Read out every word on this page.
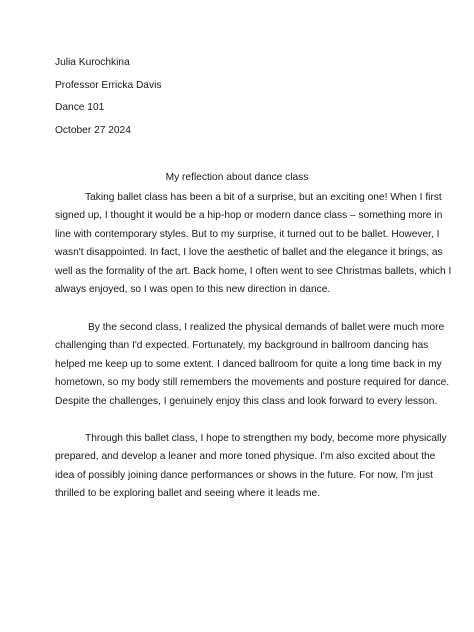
Julia Kurochkina
Professor Erricka Davis
Dance 101
October 27 2024
My reflection about dance class
Taking ballet class has been a bit of a surprise, but an exciting one! When I first
signed up, I thought it would be a hip-hop or modern dance class – something more in
line with contemporary styles. But to my surprise, it turned out to be ballet. However, I
wasn't disappointed. In fact, I love the aesthetic of ballet and the elegance it brings, as
well as the formality of the art. Back home, I often went to see Christmas ballets, which I
always enjoyed, so I was open to this new direction in dance.
By the second class, I realized the physical demands of ballet were much more
challenging than I'd expected. Fortunately, my background in ballroom dancing has
helped me keep up to some extent. I danced ballroom for quite a long time back in my
hometown, so my body still remembers the movements and posture required for dance.
Despite the challenges, I genuinely enjoy this class and look forward to every lesson.
Through this ballet class, I hope to strengthen my body, become more physically
prepared, and develop a leaner and more toned physique. I'm also excited about the
idea of possibly joining dance performances or shows in the future. For now, I'm just
thrilled to be exploring ballet and seeing where it leads me.
